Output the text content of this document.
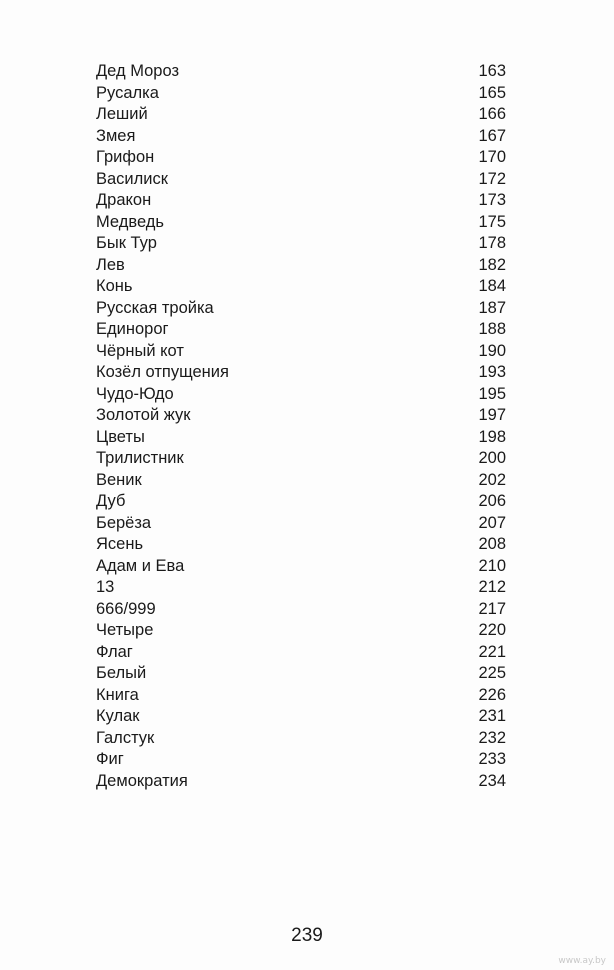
Дед Мороз	163
Русалка	165
Леший	166
Змея	167
Грифон	170
Василиск	172
Дракон	173
Медведь	175
Бык Тур	178
Лев	182
Конь	184
Русская тройка	187
Единорог	188
Чёрный кот	190
Козёл отпущения	193
Чудо-Юдо	195
Золотой жук	197
Цветы	198
Трилистник	200
Веник	202
Дуб	206
Берёза	207
Ясень	208
Адам и Ева	210
13	212
666/999	217
Четыре	220
Флаг	221
Белый	225
Книга	226
Кулак	231
Галстук	232
Фиг	233
Демократия	234
239
www.ay.by
